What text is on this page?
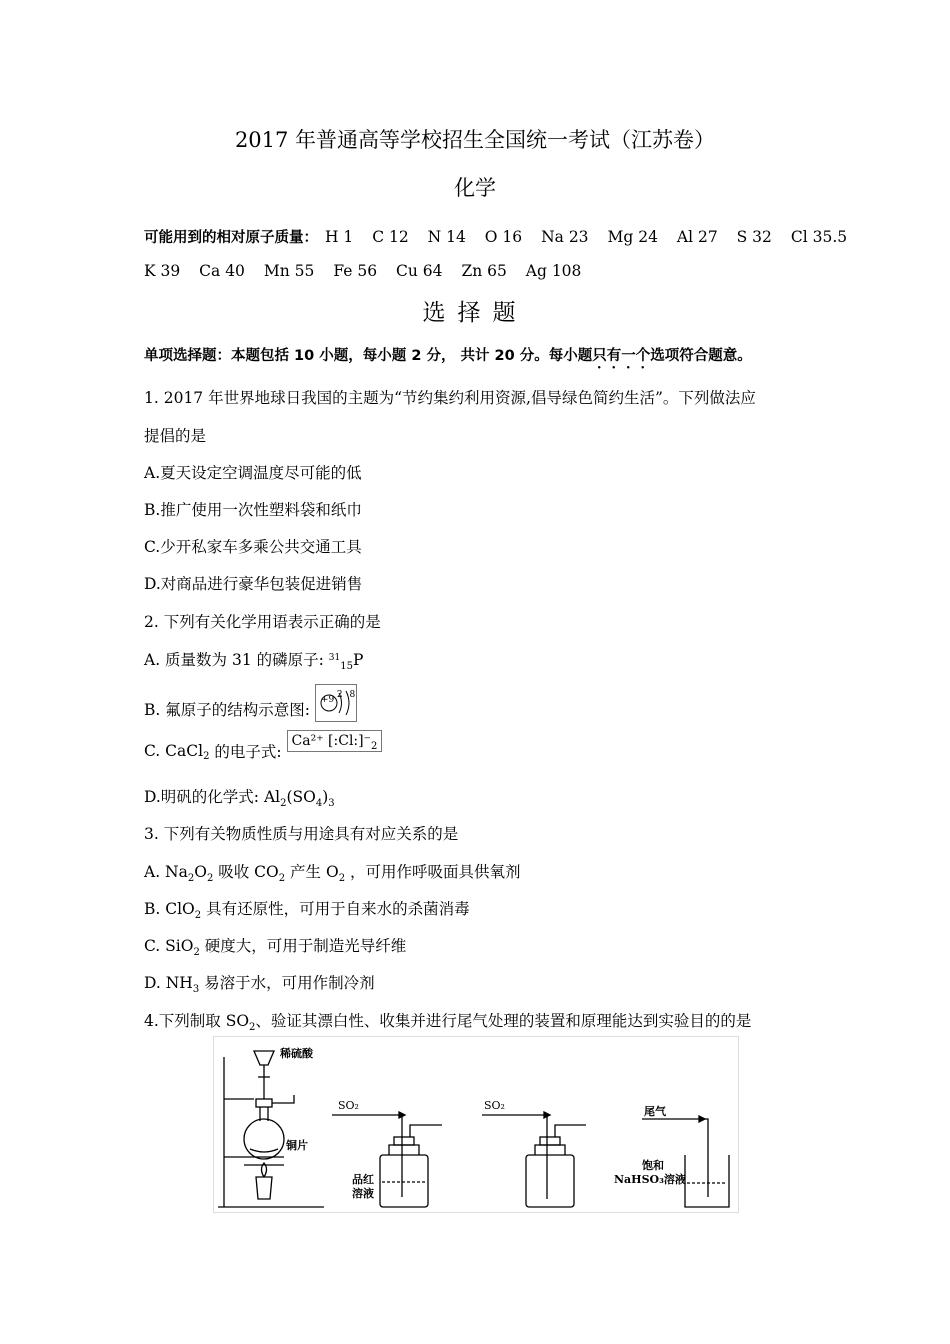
2017 年普通高等学校招生全国统一考试（江苏卷）
化学
可能用到的相对原子质量： H 1 C 12 N 14 O 16 Na 23 Mg 24 Al 27 S 32 Cl 35.5
K 39 Ca 40 Mn 55 Fe 56 Cu 64 Zn 65 Ag 108
选择题
单项选择题：本题包括 10 小题，每小题 2 分， 共计 20 分。每小题只有一个选项符合题意。
1. 2017 年世界地球日我国的主题为“节约集约利用资源,倡导绿色简约生活”。下列做法应
提倡的是
A.夏天设定空调温度尽可能的低
B.推广使用一次性塑料袋和纸巾
C.少开私家车多乘公共交通工具
D.对商品进行豪华包装促进销售
2. 下列有关化学用语表示正确的是
A. 质量数为 31 的磷原子: $^{31}_{15}$P
B. 氟原子的结构示意图:
+9 2 8
C. CaCl$_2$ 的电子式: Ca²⁺ $[:Cl:]^-_2$
D.明矾的化学式: $Al_2(SO_4)_3$
3. 下列有关物质性质与用途具有对应关系的是
A. $Na_2O_2$ 吸收 $CO_2$ 产生 $O_2$ ，可用作呼吸面具供氧剂
B. ClO$_2$ 具有还原性，可用于自来水的杀菌消毒
C. SiO$_2$ 硬度大，可用于制造光导纤维
D. $NH_3$ 易溶于水，可用作制冷剂
4.下列制取 $SO_2$、验证其漂白性、收集并进行尾气处理的装置和原理能达到实验目的的是
稀硫酸
铜片
SO₂	SO₂
品红
溶液
尾气
饱和
NaHSO₃溶液
